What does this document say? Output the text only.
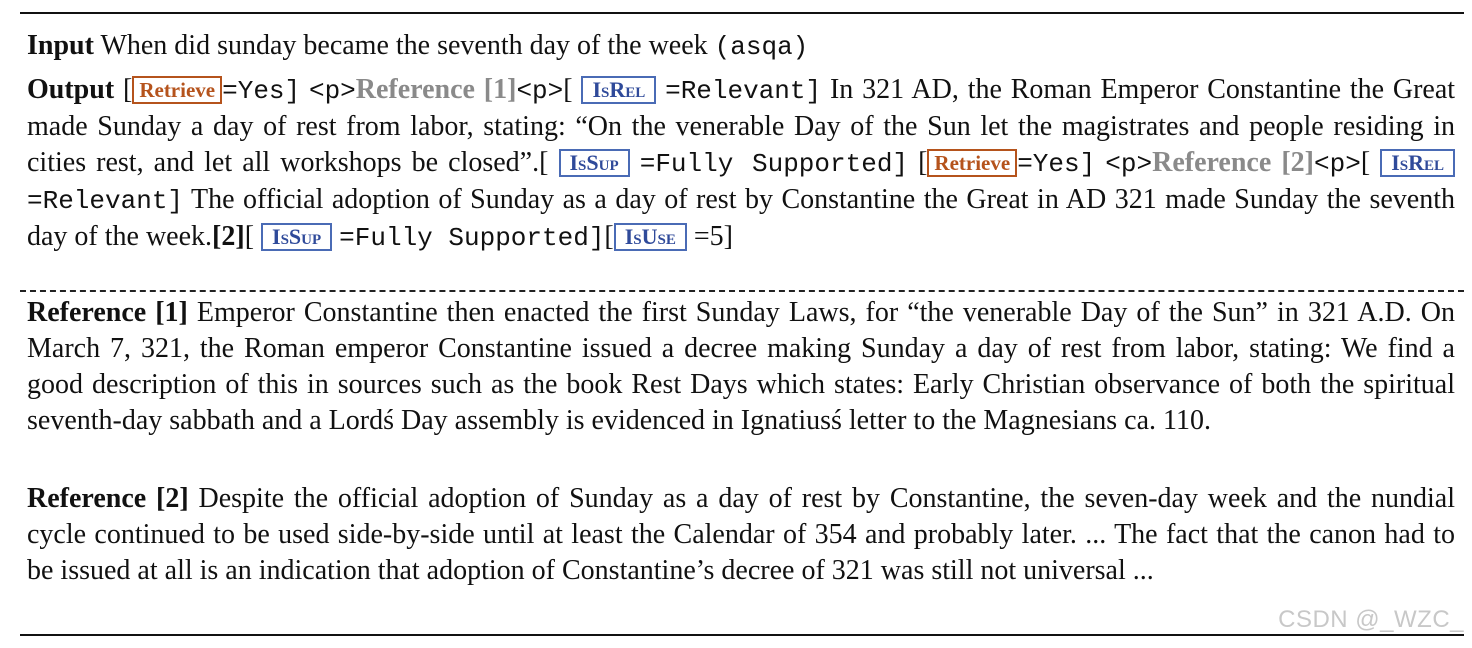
Input When did sunday became the seventh day of the week (asqa)
Output [ Retrieve =Yes] <p>Reference [1]<p>[ IsRel =Relevant] In 321 AD, the Roman Emperor Constantine the Great made Sunday a day of rest from labor, stating: “On the venerable Day of the Sun let the magistrates and people residing in cities rest, and let all workshops be closed”.[ IsSup =Fully Supported] [ Retrieve =Yes] <p>Reference [2]<p>[ IsRel =Relevant] The official adoption of Sunday as a day of rest by Constantine the Great in AD 321 made Sunday the seventh day of the week.[2][ IsSup =Fully Supported][ IsUse =5]
Reference [1] Emperor Constantine then enacted the first Sunday Laws, for “the venerable Day of the Sun” in 321 A.D. On March 7, 321, the Roman emperor Constantine issued a decree making Sunday a day of rest from labor, stating: We find a good description of this in sources such as the book Rest Days which states: Early Christian observance of both the spiritual seventh-day sabbath and a Lordś Day assembly is evidenced in Ignatiusś letter to the Magnesians ca. 110.
Reference [2] Despite the official adoption of Sunday as a day of rest by Constantine, the seven-day week and the nundial cycle continued to be used side-by-side until at least the Calendar of 354 and probably later. ... The fact that the canon had to be issued at all is an indication that adoption of Constantine’s decree of 321 was still not universal ...
CSDN @_WZC_
